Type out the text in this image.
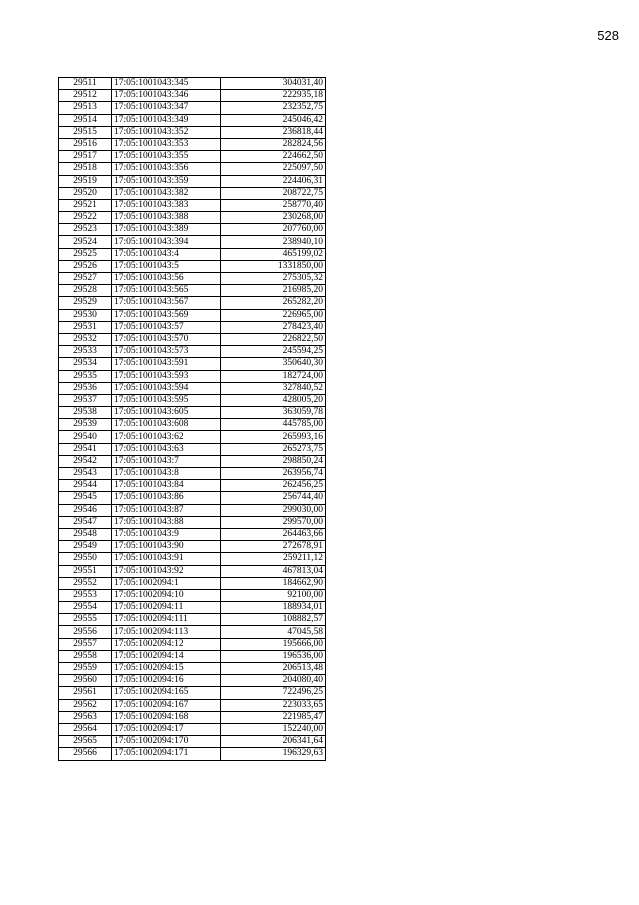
528
29511	17:05:1001043:345	304031,40
29512	17:05:1001043:346	222935,18
29513	17:05:1001043:347	232352,75
29514	17:05:1001043:349	245046,42
29515	17:05:1001043:352	236818,44
29516	17:05:1001043:353	282824,56
29517	17:05:1001043:355	224662,50
29518	17:05:1001043:356	225097,50
29519	17:05:1001043:359	224406,31
29520	17:05:1001043:382	208722,75
29521	17:05:1001043:383	258770,40
29522	17:05:1001043:388	230268,00
29523	17:05:1001043:389	207760,00
29524	17:05:1001043:394	238940,10
29525	17:05:1001043:4	465199,02
29526	17:05:1001043:5	1331850,00
29527	17:05:1001043:56	275305,32
29528	17:05:1001043:565	216985,20
29529	17:05:1001043:567	265282,20
29530	17:05:1001043:569	226965,00
29531	17:05:1001043:57	278423,40
29532	17:05:1001043:570	226822,50
29533	17:05:1001043:573	245594,25
29534	17:05:1001043:591	350640,30
29535	17:05:1001043:593	182724,00
29536	17:05:1001043:594	327840,52
29537	17:05:1001043:595	428005,20
29538	17:05:1001043:605	363059,78
29539	17:05:1001043:608	445785,00
29540	17:05:1001043:62	265993,16
29541	17:05:1001043:63	265273,75
29542	17:05:1001043:7	298850,24
29543	17:05:1001043:8	263956,74
29544	17:05:1001043:84	262456,25
29545	17:05:1001043:86	256744,40
29546	17:05:1001043:87	299030,00
29547	17:05:1001043:88	299570,00
29548	17:05:1001043:9	264463,66
29549	17:05:1001043:90	272678,91
29550	17:05:1001043:91	259211,12
29551	17:05:1001043:92	467813,04
29552	17:05:1002094:1	184662,90
29553	17:05:1002094:10	92100,00
29554	17:05:1002094:11	188934,01
29555	17:05:1002094:111	108882,57
29556	17:05:1002094:113	47045,58
29557	17:05:1002094:12	195666,00
29558	17:05:1002094:14	196536,00
29559	17:05:1002094:15	206513,48
29560	17:05:1002094:16	204080,40
29561	17:05:1002094:165	722496,25
29562	17:05:1002094:167	223033,65
29563	17:05:1002094:168	221985,47
29564	17:05:1002094:17	152240,00
29565	17:05:1002094:170	206341,64
29566	17:05:1002094:171	196329,63
